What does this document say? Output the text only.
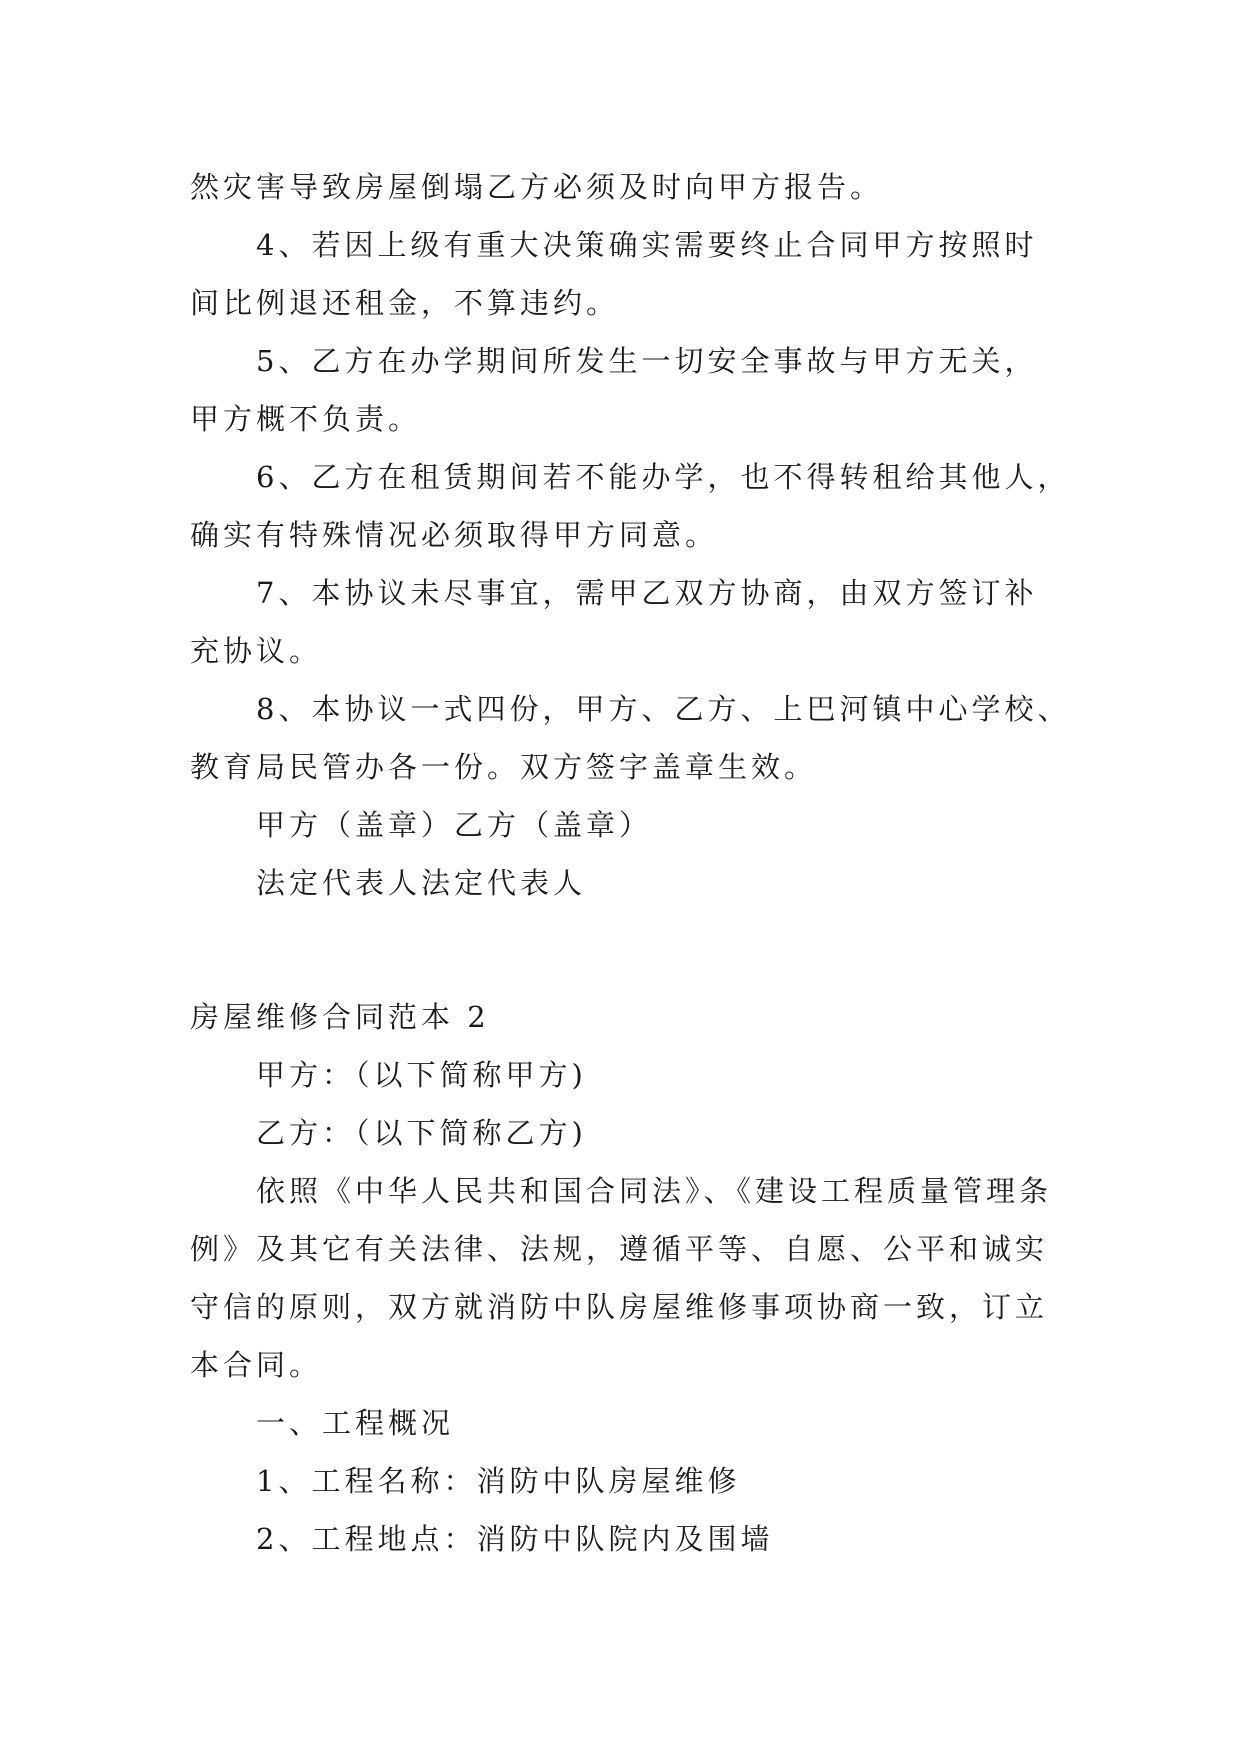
然灾害导致房屋倒塌乙方必须及时向甲方报告。
4、若因上级有重大决策确实需要终止合同甲方按照时
间比例退还租金，不算违约。
5、乙方在办学期间所发生一切安全事故与甲方无关，
甲方概不负责。
6、乙方在租赁期间若不能办学，也不得转租给其他人，
确实有特殊情况必须取得甲方同意。
7、本协议未尽事宜，需甲乙双方协商，由双方签订补
充协议。
8、本协议一式四份，甲方、乙方、上巴河镇中心学校、
教育局民管办各一份。双方签字盖章生效。
甲方（盖章）乙方（盖章）
法定代表人法定代表人
房屋维修合同范本 2
甲方：（以下简称甲方)
乙方：（以下简称乙方)
依照《中华人民共和国合同法》、《建设工程质量管理条
例》及其它有关法律、法规，遵循平等、自愿、公平和诚实
守信的原则，双方就消防中队房屋维修事项协商一致，订立
本合同。
一、工程概况
1、工程名称：消防中队房屋维修
2、工程地点：消防中队院内及围墙
